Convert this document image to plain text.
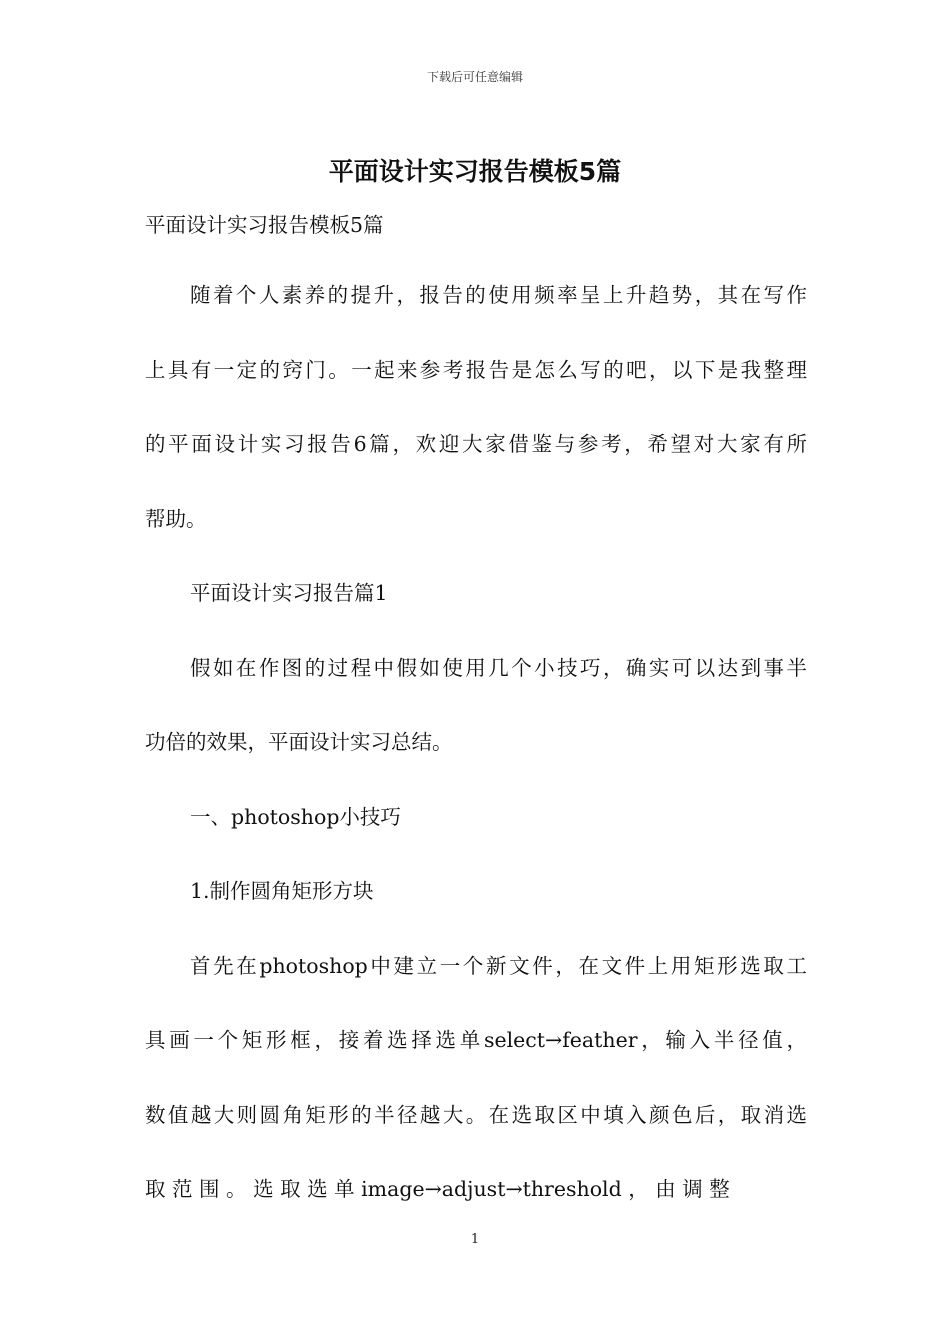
下载后可任意编辑
平面设计实习报告模板5篇
平面设计实习报告模板5篇
随着个人素养的提升，报告的使用频率呈上升趋势，其在写作
上具有一定的窍门。一起来参考报告是怎么写的吧，以下是我整理
的平面设计实习报告6篇，欢迎大家借鉴与参考，希望对大家有所
帮助。
平面设计实习报告篇1
假如在作图的过程中假如使用几个小技巧，确实可以达到事半
功倍的效果，平面设计实习总结。
一、photoshop小技巧
1.制作圆角矩形方块
首先在photoshop中建立一个新文件，在文件上用矩形选取工
具画一个矩形框，接着选择选单select→feather，输入半径值，
数值越大则圆角矩形的半径越大。在选取区中填入颜色后，取消选
取 范 围 。 选 取 选 单 image→adjust→threshold ， 由 调 整
1
